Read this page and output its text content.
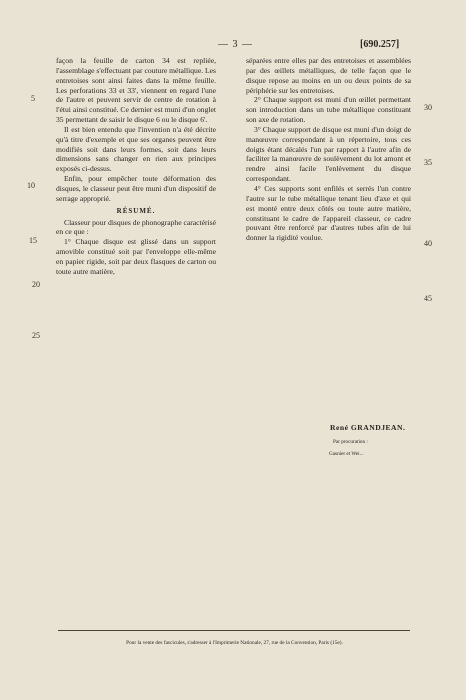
— 3 —	[690.257]

façon la feuille de carton 34 est repliée, l'assemblage s'effectuant par couture métallique. Les entretoises sont ainsi faites dans la même feuille. Les perforations 33 et 33', viennent en regard l'une de l'autre et peuvent servir de centre de rotation à l'étui ainsi constitué. Ce dernier est muni d'un onglet 35 permettant de saisir le disque 6 ou le disque 6'.

Il est bien entendu que l'invention n'a été décrite qu'à titre d'exemple et que ses organes peuvent être modifiés soit dans leurs formes, soit dans leurs dimensions sans changer en rien aux principes exposés ci-dessus.

Enfin, pour empêcher toute déformation des disques, le classeur peut être muni d'un dispositif de serrage approprié.

RÉSUMÉ.

Classeur pour disques de phonographe caractérisé en ce que :

1° Chaque disque est glissé dans un support amovible constitué soit par l'enveloppe elle-même en papier rigide, soit par deux flasques de carton ou toute autre matière,

séparées entre elles par des entretoises et assemblées par des œillets métalliques, de telle façon que le disque repose au moins en un ou deux points de sa périphérie sur les entretoises.

2° Chaque support est muni d'un œillet permettant son introduction dans un tube métallique constituant son axe de rotation.

3° Chaque support de disque est muni d'un doigt de manœuvre correspondant à un répertoire, tous ces doigts étant décalés l'un par rapport à l'autre afin de faciliter la manœuvre de soulèvement du lot amont et rendre ainsi facile l'enlèvement du disque correspondant.

4° Ces supports sont enfilés et serrés l'un contre l'autre sur le tube métallique tenant lieu d'axe et qui est monté entre deux côtés ou toute autre matière, constituant le cadre de l'appareil classeur, ce cadre pouvant être renforcé par d'autres tubes afin de lui donner la rigidité voulue.

5
10
15
20
25
30
35
40
45
René GRANDJEAN.
Par procuration :
Gasnier et Wei...
Pour la vente des fascicules, s'adresser à l'Imprimerie Nationale, 27, rue de la Convention, Paris (15e).
